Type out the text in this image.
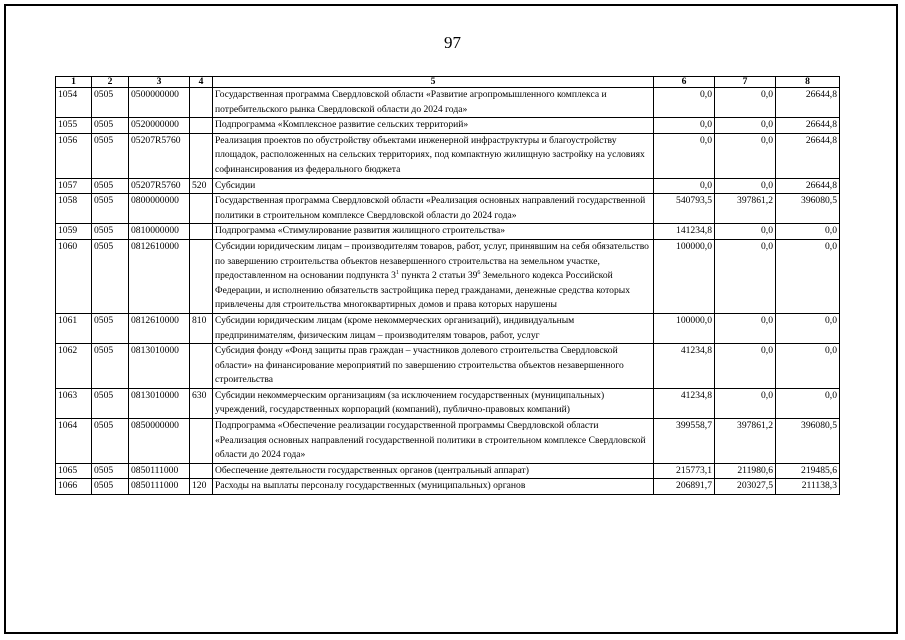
97
1	2	3	4	5	6	7	8
1054	0505	0500000000		Государственная программа Свердловской области «Развитие агропромышленного комплекса и потребительского рынка Свердловской области до 2024 года»	0,0	0,0	26644,8
1055	0505	0520000000		Подпрограмма «Комплексное развитие сельских территорий»	0,0	0,0	26644,8
1056	0505	05207R5760		Реализация проектов по обустройству объектами инженерной инфраструктуры и благоустройству площадок, расположенных на сельских территориях, под компактную жилищную застройку на условиях софинансирования из федерального бюджета	0,0	0,0	26644,8
1057	0505	05207R5760	520	Субсидии	0,0	0,0	26644,8
1058	0505	0800000000		Государственная программа Свердловской области «Реализация основных направлений государственной политики в строительном комплексе Свердловской области до 2024 года»	540793,5	397861,2	396080,5
1059	0505	0810000000		Подпрограмма «Стимулирование развития жилищного строительства»	141234,8	0,0	0,0
1060	0505	0812610000		Субсидии юридическим лицам – производителям товаров, работ, услуг, принявшим на себя обязательство по завершению строительства объектов незавершенного строительства на земельном участке, предоставленном на основании подпункта $3^1$ пункта 2 статьи $39^6$ Земельного кодекса Российской Федерации, и исполнению обязательств застройщика перед гражданами, денежные средства которых привлечены для строительства многоквартирных домов и права которых нарушены	100000,0	0,0	0,0
1061	0505	0812610000	810	Субсидии юридическим лицам (кроме некоммерческих организаций), индивидуальным предпринимателям, физическим лицам – производителям товаров, работ, услуг	100000,0	0,0	0,0
1062	0505	0813010000		Субсидия фонду «Фонд защиты прав граждан – участников долевого строительства Свердловской области» на финансирование мероприятий по завершению строительства объектов незавершенного строительства	41234,8	0,0	0,0
1063	0505	0813010000	630	Субсидии некоммерческим организациям (за исключением государственных (муниципальных) учреждений, государственных корпораций (компаний), публично-правовых компаний)	41234,8	0,0	0,0
1064	0505	0850000000		Подпрограмма «Обеспечение реализации государственной программы Свердловской области «Реализация основных направлений государственной политики в строительном комплексе Свердловской области до 2024 года»	399558,7	397861,2	396080,5
1065	0505	0850111000		Обеспечение деятельности государственных органов (центральный аппарат)	215773,1	211980,6	219485,6
1066	0505	0850111000	120	Расходы на выплаты персоналу государственных (муниципальных) органов	206891,7	203027,5	211138,3
